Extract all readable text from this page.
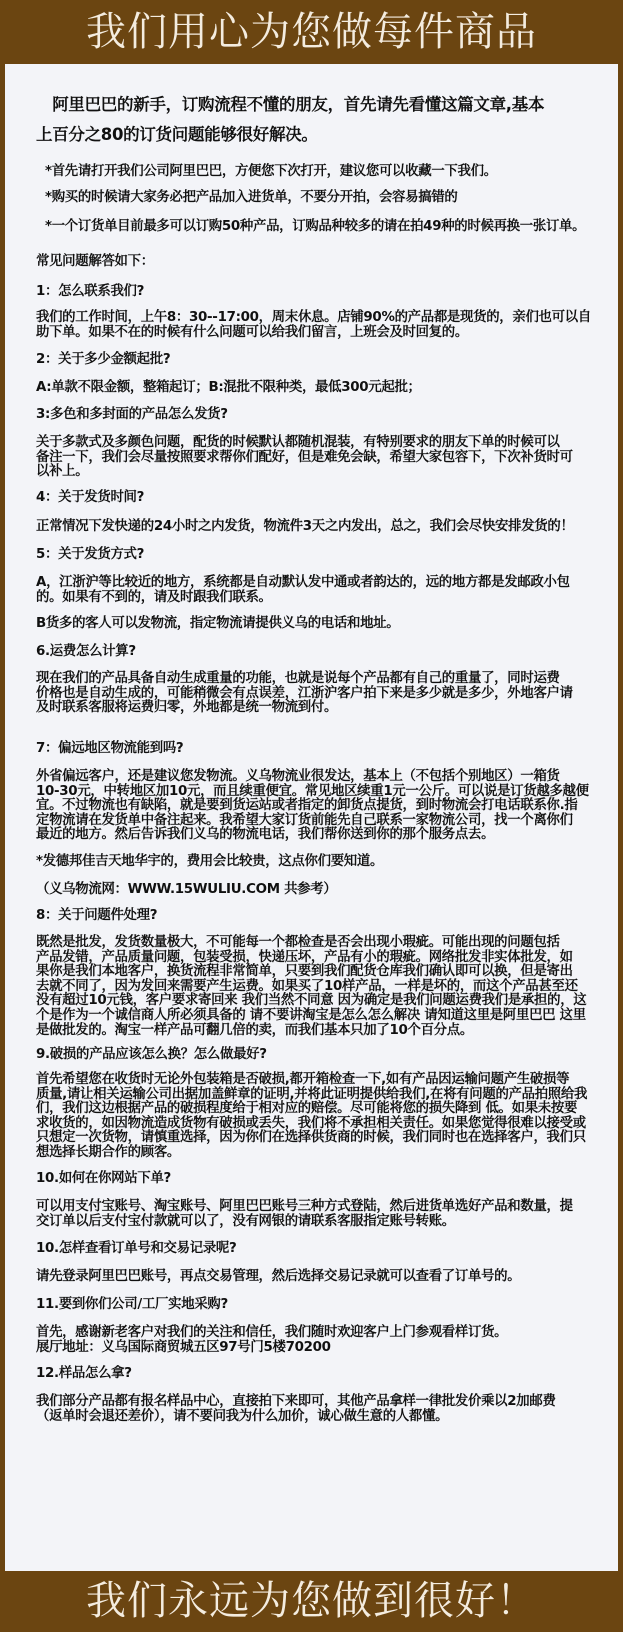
我们用心为您做每件商品
　阿里巴巴的新手，订购流程不懂的朋友，首先请先看懂这篇文章,基本
上百分之80的订货问题能够很好解决。
*首先请打开我们公司阿里巴巴，方便您下次打开，建议您可以收藏一下我们。
*购买的时候请大家务必把产品加入进货单，不要分开拍，会容易搞错的
*一个订货单目前最多可以订购50种产品，订购品种较多的请在拍49种的时候再换一张订单。
常见问题解答如下：
1：怎么联系我们?
我们的工作时间，上午8：30--17:00，周末休息。店铺90%的产品都是现货的，亲们也可以自
助下单。如果不在的时候有什么问题可以给我们留言，上班会及时回复的。
2：关于多少金额起批?
A:单款不限金额，整箱起订；B:混批不限种类，最低300元起批；
3:多色和多封面的产品怎么发货?
关于多款式及多颜色问题，配货的时候默认都随机混装，有特别要求的朋友下单的时候可以
备注一下，我们会尽量按照要求帮你们配好，但是难免会缺，希望大家包容下，下次补货时可
以补上。
4：关于发货时间?
正常情况下发快递的24小时之内发货，物流件3天之内发出，总之，我们会尽快安排发货的！
5：关于发货方式?
A，江浙沪等比较近的地方，系统都是自动默认发中通或者韵达的，远的地方都是发邮政小包
的。如果有不到的，请及时跟我们联系。
B货多的客人可以发物流，指定物流请提供义乌的电话和地址。
6.运费怎么计算?
现在我们的产品具备自动生成重量的功能，也就是说每个产品都有自己的重量了，同时运费
价格也是自动生成的，可能稍微会有点误差，江浙沪客户拍下来是多少就是多少，外地客户请
及时联系客服将运费归零，外地都是统一物流到付。
7：偏远地区物流能到吗?
外省偏远客户，还是建议您发物流。义乌物流业很发达，基本上（不包括个别地区）一箱货
10-30元，中转地区加10元，而且续重便宜。常见地区续重1元一公斤。可以说是订货越多越便
宜。不过物流也有缺陷，就是要到货运站或者指定的卸货点提货，到时物流会打电话联系你.指
定物流请在发货单中备注起来。我希望大家订货前能先自己联系一家物流公司，找一个离你们
最近的地方。然后告诉我们义乌的物流电话，我们帮你送到你的那个服务点去。
*发德邦佳吉天地华宇的，费用会比较贵，这点你们要知道。
（义乌物流网：WWW.15WULIU.COM 共参考）
8：关于问题件处理?
既然是批发，发货数量极大，不可能每一个都检查是否会出现小瑕疵。可能出现的问题包括
产品发错，产品质量问题，包装受损，快递压坏，产品有小的瑕疵。网络批发非实体批发，如
果你是我们本地客户，换货流程非常简单，只要到我们配货仓库我们确认即可以换，但是寄出
去就不同了，因为发回来需要产生运费。如果买了10样产品，一样是坏的，而这个产品甚至还
没有超过10元钱，客户要求寄回来 我们当然不同意 因为确定是我们问题运费我们是承担的，这
个是作为一个诚信商人所必须具备的 请不要讲淘宝是怎么怎么解决 请知道这里是阿里巴巴 这里
是做批发的。淘宝一样产品可翻几倍的卖，而我们基本只加了10个百分点。
9.破损的产品应该怎么换？怎么做最好?
首先希望您在收货时无论外包装箱是否破损,都开箱检查一下,如有产品因运输问题产生破损等
质量,请让相关运输公司出据加盖鲜章的证明,并将此证明提供给我们,在将有问题的产品拍照给我
们，我们这边根据产品的破损程度给于相对应的赔偿。尽可能将您的损失降到 低。如果未按要
求收货的，如因物流造成货物有破损或丢失，我们将不承担相关责任。如果您觉得很难以接受或
只想定一次货物，请慎重选择，因为你们在选择供货商的时候，我们同时也在选择客户，我们只
想选择长期合作的顾客。
10.如何在你网站下单?
可以用支付宝账号、淘宝账号、阿里巴巴账号三种方式登陆，然后进货单选好产品和数量，提
交订单以后支付宝付款就可以了，没有网银的请联系客服指定账号转账。
10.怎样查看订单号和交易记录呢?
请先登录阿里巴巴账号，再点交易管理，然后选择交易记录就可以查看了订单号的。
11.要到你们公司/工厂实地采购?
首先，感谢新老客户对我们的关注和信任，我们随时欢迎客户上门参观看样订货。
展厅地址：义乌国际商贸城五区97号门5楼70200
12.样品怎么拿?
我们部分产品都有报名样品中心，直接拍下来即可，其他产品拿样一律批发价乘以2加邮费
（返单时会退还差价），请不要问我为什么加价，诚心做生意的人都懂。
我们永远为您做到很好！
